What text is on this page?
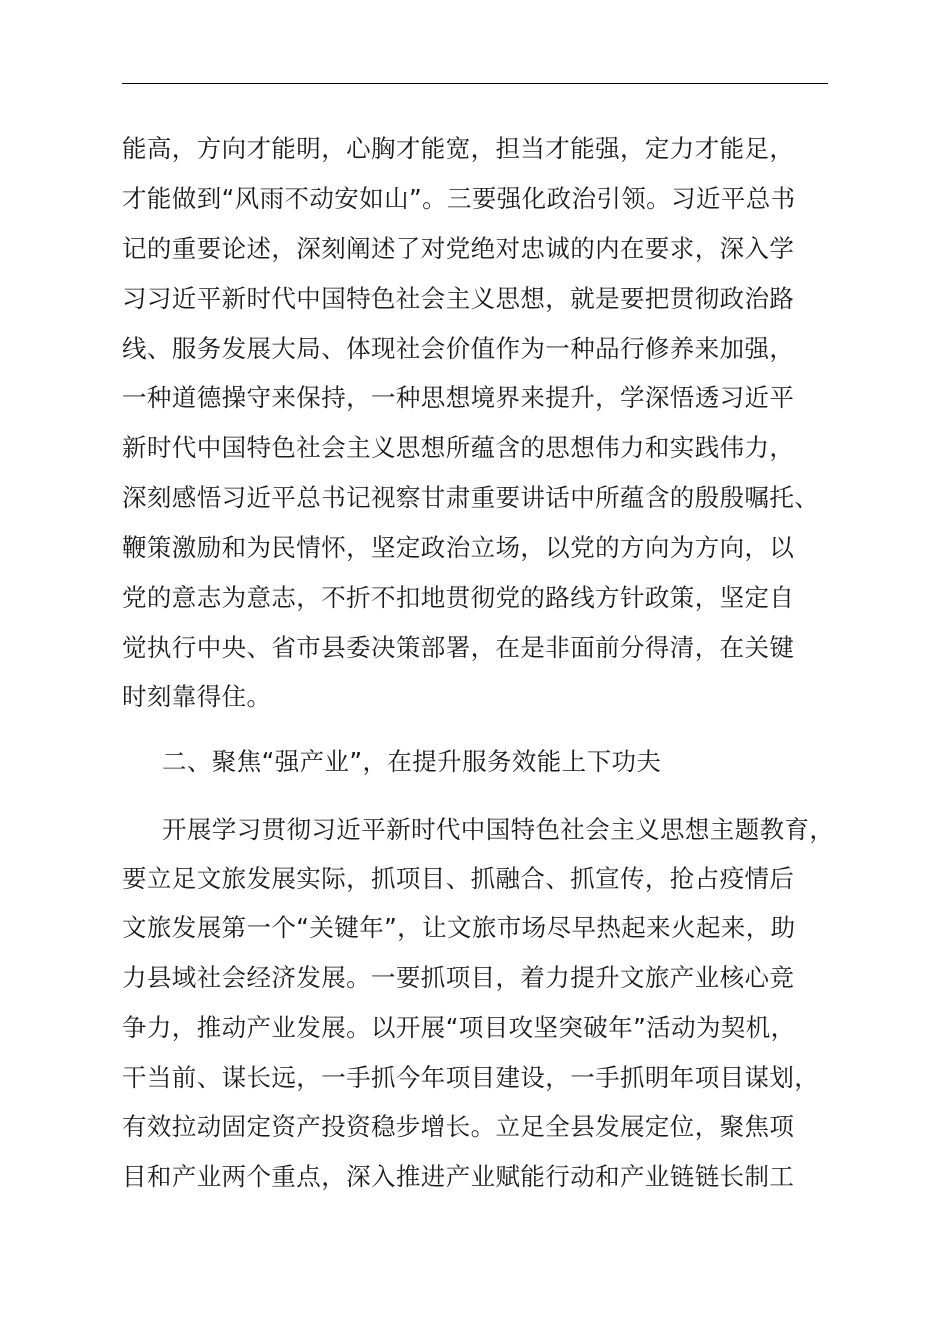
能高，方向才能明，心胸才能宽，担当才能强，定力才能足，
才能做到“风雨不动安如山”。三要强化政治引领。习近平总书
记的重要论述，深刻阐述了对党绝对忠诚的内在要求，深入学
习习近平新时代中国特色社会主义思想，就是要把贯彻政治路
线、服务发展大局、体现社会价值作为一种品行修养来加强，
一种道德操守来保持，一种思想境界来提升，学深悟透习近平
新时代中国特色社会主义思想所蕴含的思想伟力和实践伟力，
深刻感悟习近平总书记视察甘肃重要讲话中所蕴含的殷殷嘱托、
鞭策激励和为民情怀，坚定政治立场，以党的方向为方向，以
党的意志为意志，不折不扣地贯彻党的路线方针政策，坚定自
觉执行中央、省市县委决策部署，在是非面前分得清，在关键
时刻靠得住。
二、聚焦“强产业”，在提升服务效能上下功夫
开展学习贯彻习近平新时代中国特色社会主义思想主题教育，
要立足文旅发展实际，抓项目、抓融合、抓宣传，抢占疫情后
文旅发展第一个“关键年”，让文旅市场尽早热起来火起来，助
力县域社会经济发展。一要抓项目，着力提升文旅产业核心竞
争力，推动产业发展。以开展“项目攻坚突破年”活动为契机，
干当前、谋长远，一手抓今年项目建设，一手抓明年项目谋划，
有效拉动固定资产投资稳步增长。立足全县发展定位，聚焦项
目和产业两个重点，深入推进产业赋能行动和产业链链长制工
